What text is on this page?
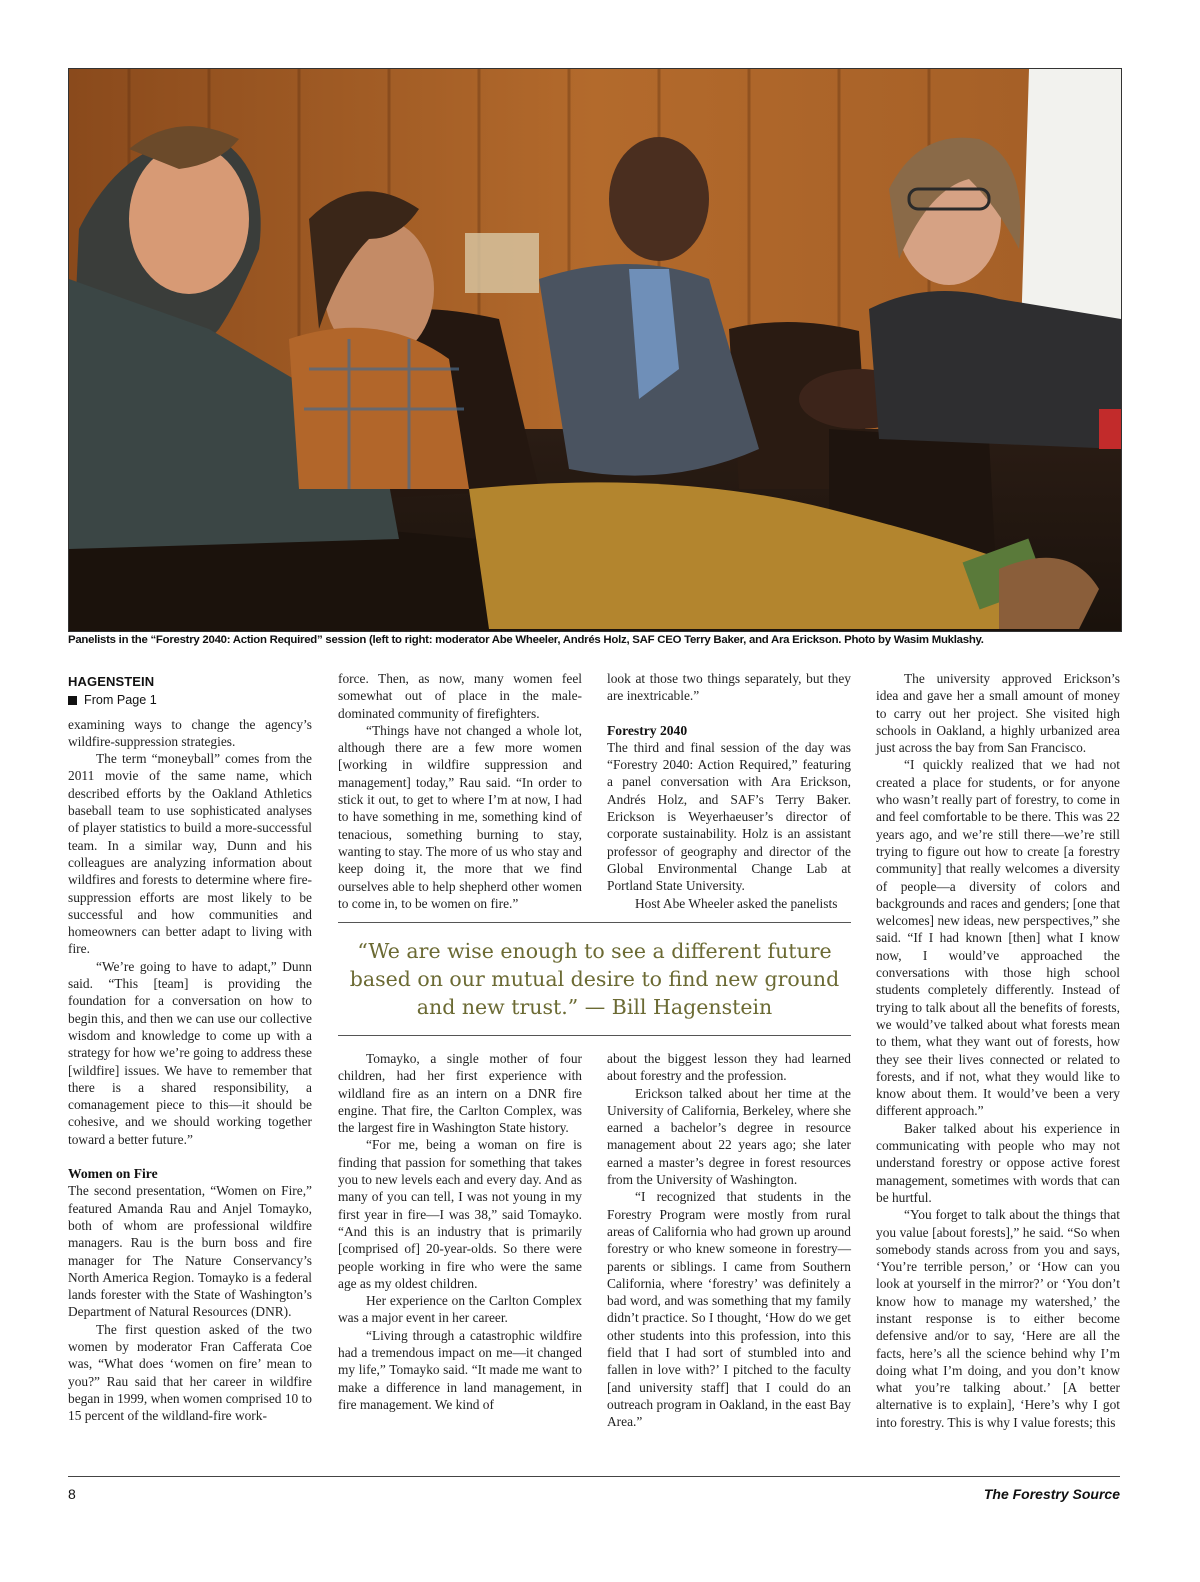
Panelists in the “Forestry 2040: Action Required” session (left to right: moderator Abe Wheeler, Andrés Holz, SAF CEO Terry Baker, and Ara Erickson. Photo by Wasim Muklashy.
HAGENSTEIN
From Page 1

examining ways to change the agency’s wildfire-suppression strategies.

The term “moneyball” comes from the 2011 movie of the same name, which described efforts by the Oakland Athletics baseball team to use sophisticated analyses of player statistics to build a more-successful team. In a similar way, Dunn and his colleagues are analyzing information about wildfires and forests to determine where fire-suppression efforts are most likely to be successful and how communities and homeowners can better adapt to living with fire.

“We’re going to have to adapt,” Dunn said. “This [team] is providing the foundation for a conversation on how to begin this, and then we can use our collective wisdom and knowledge to come up with a strategy for how we’re going to address these [wildfire] issues. We have to remember that there is a shared responsibility, a comanagement piece to this—it should be cohesive, and we should working together toward a better future.”

Women on Fire

The second presentation, “Women on Fire,” featured Amanda Rau and Anjel Tomayko, both of whom are professional wildfire managers. Rau is the burn boss and fire manager for The Nature Conservancy’s North America Region. Tomayko is a federal lands forester with the State of Washington’s Department of Natural Resources (DNR).

The first question asked of the two women by moderator Fran Cafferata Coe was, “What does ‘women on fire’ mean to you?” Rau said that her career in wildfire began in 1999, when women comprised 10 to 15 percent of the wildland-fire work-

force. Then, as now, many women feel somewhat out of place in the male-dominated community of firefighters.

“Things have not changed a whole lot, although there are a few more women [working in wildfire suppression and management] today,” Rau said. “In order to stick it out, to get to where I’m at now, I had to have something in me, something kind of tenacious, something burning to stay, wanting to stay. The more of us who stay and keep doing it, the more that we find ourselves able to help shepherd other women to come in, to be women on fire.”

look at those two things separately, but they are inextricable.”

Forestry 2040

The third and final session of the day was “Forestry 2040: Action Required,” featuring a panel conversation with Ara Erickson, Andrés Holz, and SAF’s Terry Baker. Erickson is Weyerhaeuser’s director of corporate sustainability. Holz is an assistant professor of geography and director of the Global Environmental Change Lab at Portland State University.

Host Abe Wheeler asked the panelists

“We are wise enough to see a different future based on our mutual desire to find new ground and new trust.” — Bill Hagenstein

Tomayko, a single mother of four children, had her first experience with wildland fire as an intern on a DNR fire engine. That fire, the Carlton Complex, was the largest fire in Washington State history.

“For me, being a woman on fire is finding that passion for something that takes you to new levels each and every day. And as many of you can tell, I was not young in my first year in fire—I was 38,” said Tomayko. “And this is an industry that is primarily [comprised of] 20-year-olds. So there were people working in fire who were the same age as my oldest children.

Her experience on the Carlton Complex was a major event in her career.

“Living through a catastrophic wildfire had a tremendous impact on me—it changed my life,” Tomayko said. “It made me want to make a difference in land management, in fire management. We kind of

about the biggest lesson they had learned about forestry and the profession.

Erickson talked about her time at the University of California, Berkeley, where she earned a bachelor’s degree in resource management about 22 years ago; she later earned a master’s degree in forest resources from the University of Washington.

“I recognized that students in the Forestry Program were mostly from rural areas of California who had grown up around forestry or who knew someone in forestry—parents or siblings. I came from Southern California, where ‘forestry’ was definitely a bad word, and was something that my family didn’t practice. So I thought, ‘How do we get other students into this profession, into this field that I had sort of stumbled into and fallen in love with?’ I pitched to the faculty [and university staff] that I could do an outreach program in Oakland, in the east Bay Area.”

The university approved Erickson’s idea and gave her a small amount of money to carry out her project. She visited high schools in Oakland, a highly urbanized area just across the bay from San Francisco.

“I quickly realized that we had not created a place for students, or for anyone who wasn’t really part of forestry, to come in and feel comfortable to be there. This was 22 years ago, and we’re still there—we’re still trying to figure out how to create [a forestry community] that really welcomes a diversity of people—a diversity of colors and backgrounds and races and genders; [one that welcomes] new ideas, new perspectives,” she said. “If I had known [then] what I know now, I would’ve approached the conversations with those high school students completely differently. Instead of trying to talk about all the benefits of forests, we would’ve talked about what forests mean to them, what they want out of forests, how they see their lives connected or related to forests, and if not, what they would like to know about them. It would’ve been a very different approach.”

Baker talked about his experience in communicating with people who may not understand forestry or oppose active forest management, sometimes with words that can be hurtful.

“You forget to talk about the things that you value [about forests],” he said. “So when somebody stands across from you and says, ‘You’re terrible person,’ or ‘How can you look at yourself in the mirror?’ or ‘You don’t know how to manage my watershed,’ the instant response is to either become defensive and/or to say, ‘Here are all the facts, here’s all the science behind why I’m doing what I’m doing, and you don’t know what you’re talking about.’ [A better alternative is to explain], ‘Here’s why I got into forestry. This is why I value forests; this

8	The Forestry Source
